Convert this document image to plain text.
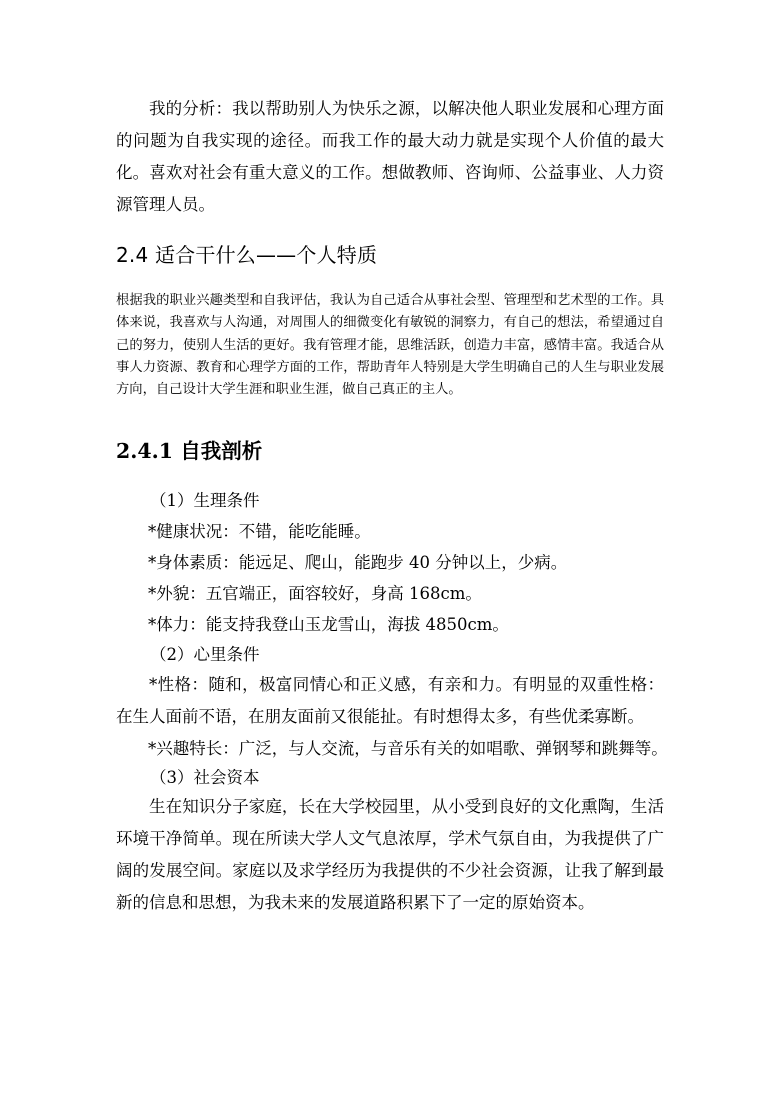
我的分析：我以帮助别人为快乐之源，以解决他人职业发展和心理方面的问题为自我实现的途径。而我工作的最大动力就是实现个人价值的最大化。喜欢对社会有重大意义的工作。想做教师、咨询师、公益事业、人力资源管理人员。

2.4 适合干什么——个人特质

根据我的职业兴趣类型和自我评估，我认为自己适合从事社会型、管理型和艺术型的工作。具体来说，我喜欢与人沟通，对周围人的细微变化有敏锐的洞察力，有自己的想法，希望通过自己的努力，使别人生活的更好。我有管理才能，思维活跃，创造力丰富，感情丰富。我适合从事人力资源、教育和心理学方面的工作，帮助青年人特别是大学生明确自己的人生与职业发展方向，自己设计大学生涯和职业生涯，做自己真正的主人。

2.4.1 自我剖析

（1）生理条件

*健康状况：不错，能吃能睡。

*身体素质：能远足、爬山，能跑步 40 分钟以上，少病。

*外貌：五官端正，面容较好，身高 168cm。

*体力：能支持我登山玉龙雪山，海拔 4850cm。

（2）心里条件

*性格：随和，极富同情心和正义感，有亲和力。有明显的双重性格：在生人面前不语，在朋友面前又很能扯。有时想得太多，有些优柔寡断。

*兴趣特长：广泛，与人交流，与音乐有关的如唱歌、弹钢琴和跳舞等。

（3）社会资本

生在知识分子家庭，长在大学校园里，从小受到良好的文化熏陶，生活环境干净简单。现在所读大学人文气息浓厚，学术气氛自由，为我提供了广阔的发展空间。家庭以及求学经历为我提供的不少社会资源，让我了解到最新的信息和思想，为我未来的发展道路积累下了一定的原始资本。
